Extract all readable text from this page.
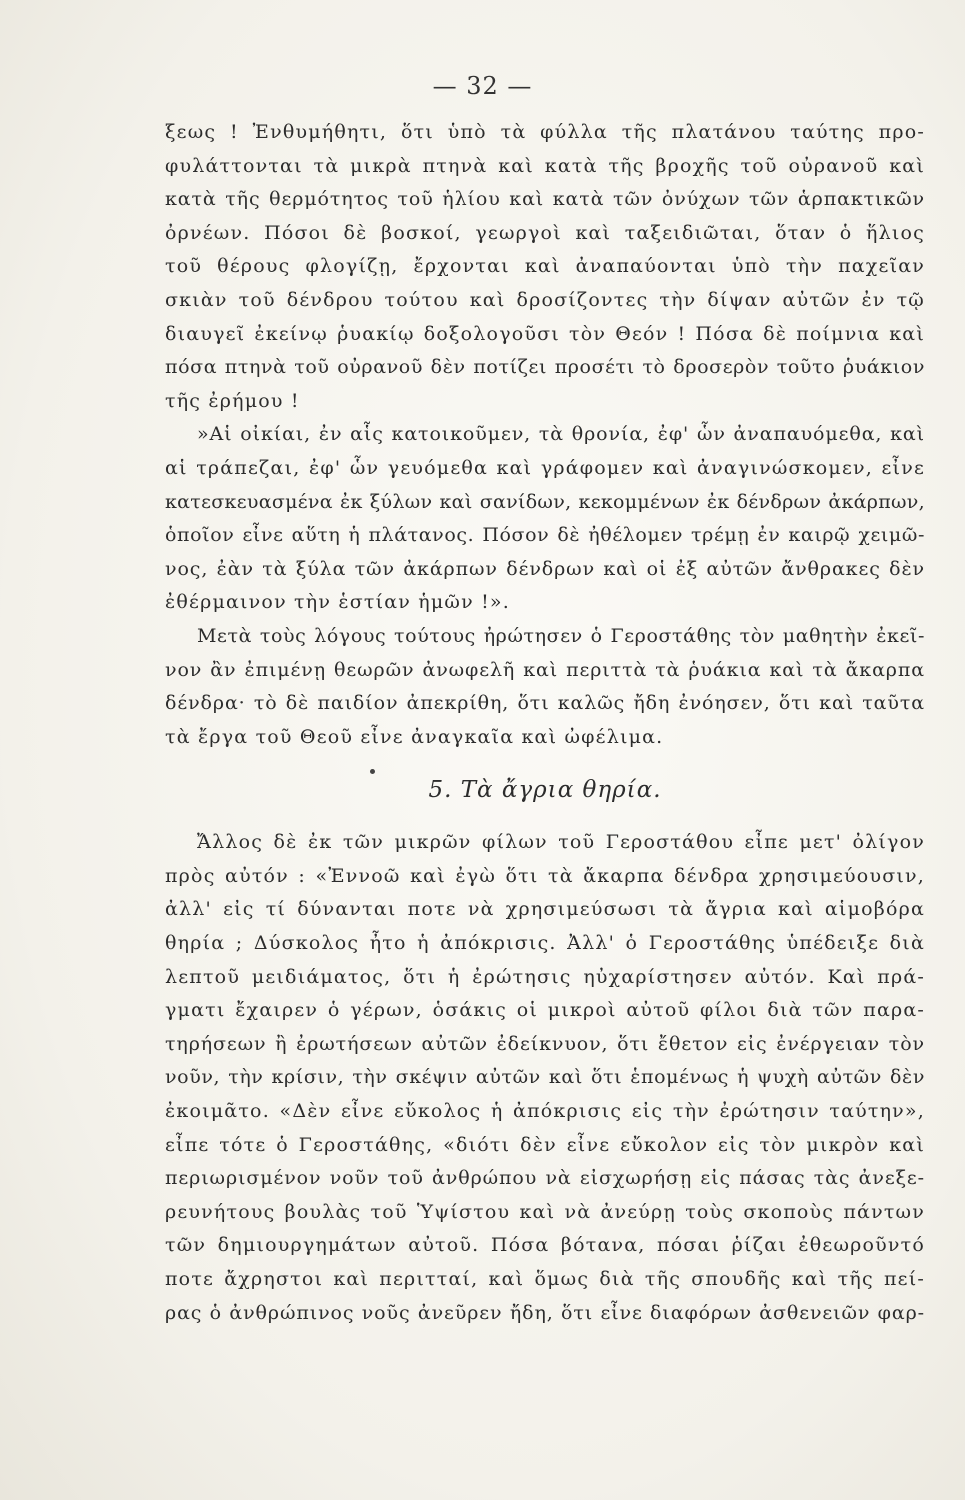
— 32 —
ξεως ! Ἐνθυμήθητι, ὅτι ὑπὸ τὰ φύλλα τῆς πλατάνου ταύτης προ-
φυλάττονται τὰ μικρὰ πτηνὰ καὶ κατὰ τῆς βροχῆς τοῦ οὐρανοῦ καὶ
κατὰ τῆς θερμότητος τοῦ ἡλίου καὶ κατὰ τῶν ὀνύχων τῶν ἁρπακτικῶν
ὀρνέων. Πόσοι δὲ βοσκοί, γεωργοὶ καὶ ταξειδιῶται, ὅταν ὁ ἥλιος
τοῦ θέρους φλογίζῃ, ἔρχονται καὶ ἀναπαύονται ὑπὸ τὴν παχεῖαν
σκιὰν τοῦ δένδρου τούτου καὶ δροσίζοντες τὴν δίψαν αὐτῶν ἐν τῷ
διαυγεῖ ἐκείνῳ ῥυακίῳ δοξολογοῦσι τὸν Θεόν ! Πόσα δὲ ποίμνια καὶ
πόσα πτηνὰ τοῦ οὐρανοῦ δὲν ποτίζει προσέτι τὸ δροσερὸν τοῦτο ῥυάκιον
τῆς ἐρήμου !
»Αἱ οἰκίαι, ἐν αἷς κατοικοῦμεν, τὰ θρονία, ἐφ' ὧν ἀναπαυόμεθα, καὶ
αἱ τράπεζαι, ἐφ' ὧν γευόμεθα καὶ γράφομεν καὶ ἀναγινώσκομεν, εἶνε
κατεσκευασμένα ἐκ ξύλων καὶ σανίδων, κεκομμένων ἐκ δένδρων ἀκάρπων,
ὁποῖον εἶνε αὕτη ἡ πλάτανος. Πόσον δὲ ἠθέλομεν τρέμῃ ἐν καιρῷ χειμῶ-
νος, ἐὰν τὰ ξύλα τῶν ἀκάρπων δένδρων καὶ οἱ ἐξ αὐτῶν ἄνθρακες δὲν
ἐθέρμαινον τὴν ἑστίαν ἡμῶν !».
Μετὰ τοὺς λόγους τούτους ἠρώτησεν ὁ Γεροστάθης τὸν μαθητὴν ἐκεῖ-
νον ἂν ἐπιμένῃ θεωρῶν ἀνωφελῆ καὶ περιττὰ τὰ ῥυάκια καὶ τὰ ἄκαρπα
δένδρα· τὸ δὲ παιδίον ἀπεκρίθη, ὅτι καλῶς ἤδη ἐνόησεν, ὅτι καὶ ταῦτα
τὰ ἔργα τοῦ Θεοῦ εἶνε ἀναγκαῖα καὶ ὠφέλιμα.
5. Τὰ ἄγρια θηρία.
Ἄλλος δὲ ἐκ τῶν μικρῶν φίλων τοῦ Γεροστάθου εἶπε μετ' ὀλίγον
πρὸς αὐτόν : «Ἐννοῶ καὶ ἐγὼ ὅτι τὰ ἄκαρπα δένδρα χρησιμεύουσιν,
ἀλλ' εἰς τί δύνανται ποτε νὰ χρησιμεύσωσι τὰ ἄγρια καὶ αἱμοβόρα
θηρία ; Δύσκολος ἦτο ἡ ἀπόκρισις. Ἀλλ' ὁ Γεροστάθης ὑπέδειξε διὰ
λεπτοῦ μειδιάματος, ὅτι ἡ ἐρώτησις ηὐχαρίστησεν αὐτόν. Καὶ πρά-
γματι ἔχαιρεν ὁ γέρων, ὁσάκις οἱ μικροὶ αὐτοῦ φίλοι διὰ τῶν παρα-
τηρήσεων ἢ ἐρωτήσεων αὐτῶν ἐδείκνυον, ὅτι ἔθετον εἰς ἐνέργειαν τὸν
νοῦν, τὴν κρίσιν, τὴν σκέψιν αὐτῶν καὶ ὅτι ἑπομένως ἡ ψυχὴ αὐτῶν δὲν
ἐκοιμᾶτο. «Δὲν εἶνε εὔκολος ἡ ἀπόκρισις εἰς τὴν ἐρώτησιν ταύτην»,
εἶπε τότε ὁ Γεροστάθης, «διότι δὲν εἶνε εὔκολον εἰς τὸν μικρὸν καὶ
περιωρισμένον νοῦν τοῦ ἀνθρώπου νὰ εἰσχωρήσῃ εἰς πάσας τὰς ἀνεξε-
ρευνήτους βουλὰς τοῦ Ὑψίστου καὶ νὰ ἀνεύρῃ τοὺς σκοποὺς πάντων
τῶν δημιουργημάτων αὐτοῦ. Πόσα βότανα, πόσαι ῥίζαι ἐθεωροῦντό
ποτε ἄχρηστοι καὶ περιτταί, καὶ ὅμως διὰ τῆς σπουδῆς καὶ τῆς πεί-
ρας ὁ ἀνθρώπινος νοῦς ἀνεῦρεν ἤδη, ὅτι εἶνε διαφόρων ἀσθενειῶν φαρ-
